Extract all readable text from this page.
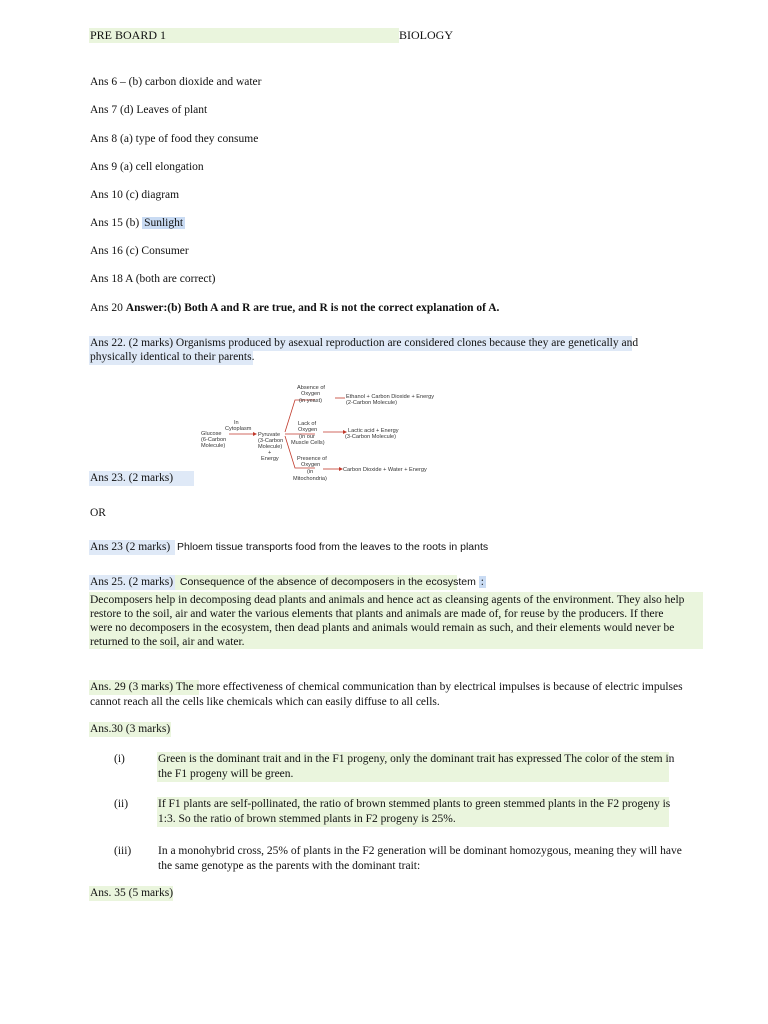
PRE BOARD 1	BIOLOGY
Ans 6 – (b) carbon dioxide and water
Ans 7 (d) Leaves of plant
Ans 8 (a) type of food they consume
Ans 9 (a) cell elongation
Ans 10 (c) diagram
Ans 15 (b) Sunlight
Ans 16 (c) Consumer
Ans 18 A (both are correct)
Ans 20 Answer:(b) Both A and R are true, and R is not the correct explanation of A.
Ans 22. (2 marks) Organisms produced by asexual reproduction are considered clones because they are genetically and
physically identical to their parents.
Glucose
(6-Carbon
Molecule)
In
Cytoplasm
Pyruvate
(3-Carbon
Molecule)
+
Energy
Absence of
Oxygen
(in yeast)
Ethanol + Carbon Dioxide + Energy
(2-Carbon Molecule)
Lack of
Oxygen
(in our
Muscle Cells)
Lactic acid + Energy
(3-Carbon Molecule)
Presence of
Oxygen
(in
Mitochondria)
Carbon Dioxide + Water + Energy
Ans 23. (2 marks)
OR
Ans 23 (2 marks) Phloem tissue transports food from the leaves to the roots in plants
Ans 25. (2 marks) Consequence of the absence of decomposers in the ecosystem :
Decomposers help in decomposing dead plants and animals and hence act as cleansing agents of the environment. They also help
restore to the soil, air and water the various elements that plants and animals are made of, for reuse by the producers. If there
were no decomposers in the ecosystem, then dead plants and animals would remain as such, and their elements would never be
returned to the soil, air and water.
Ans. 29 (3 marks) The more effectiveness of chemical communication than by electrical impulses is because of electric impulses
cannot reach all the cells like chemicals which can easily diffuse to all cells.
Ans.30 (3 marks)
(i)	Green is the dominant trait and in the F1 progeny, only the dominant trait has expressed The color of the stem in
the F1 progeny will be green.
(ii)	If F1 plants are self-pollinated, the ratio of brown stemmed plants to green stemmed plants in the F2 progeny is
1:3. So the ratio of brown stemmed plants in F2 progeny is 25%.
(iii) In a monohybrid cross, 25% of plants in the F2 generation will be dominant homozygous, meaning they will have
the same genotype as the parents with the dominant trait:
Ans. 35 (5 marks)
